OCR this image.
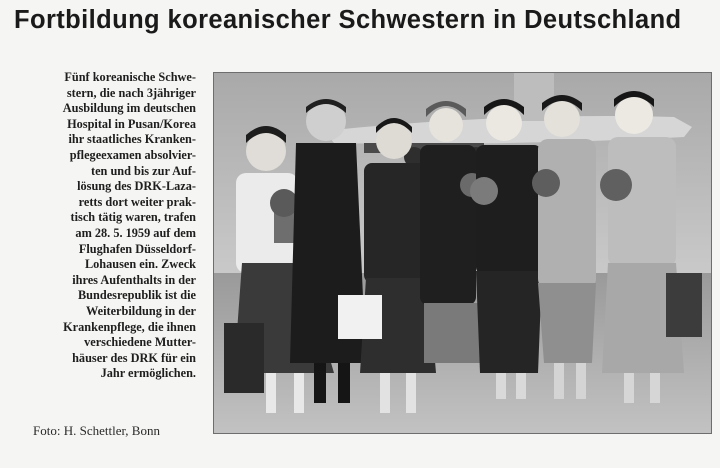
Fortbildung koreanischer Schwestern in Deutschland
Fünf koreanische Schwe-
stern, die nach 3jähriger
Ausbildung im deutschen
Hospital in Pusan/Korea
ihr staatliches Kranken-
pflegeexamen absolvier-
ten und bis zur Auf-
lösung des DRK-Laza-
retts dort weiter prak-
tisch tätig waren, trafen
am 28. 5. 1959 auf dem
Flughafen Düsseldorf-
Lohausen ein. Zweck
ihres Aufenthalts in der
Bundesrepublik ist die
Weiterbildung in der
Krankenpflege, die ihnen
verschiedene Mutter-
häuser des DRK für ein
Jahr ermöglichen.
Foto: H. Schettler, Bonn
